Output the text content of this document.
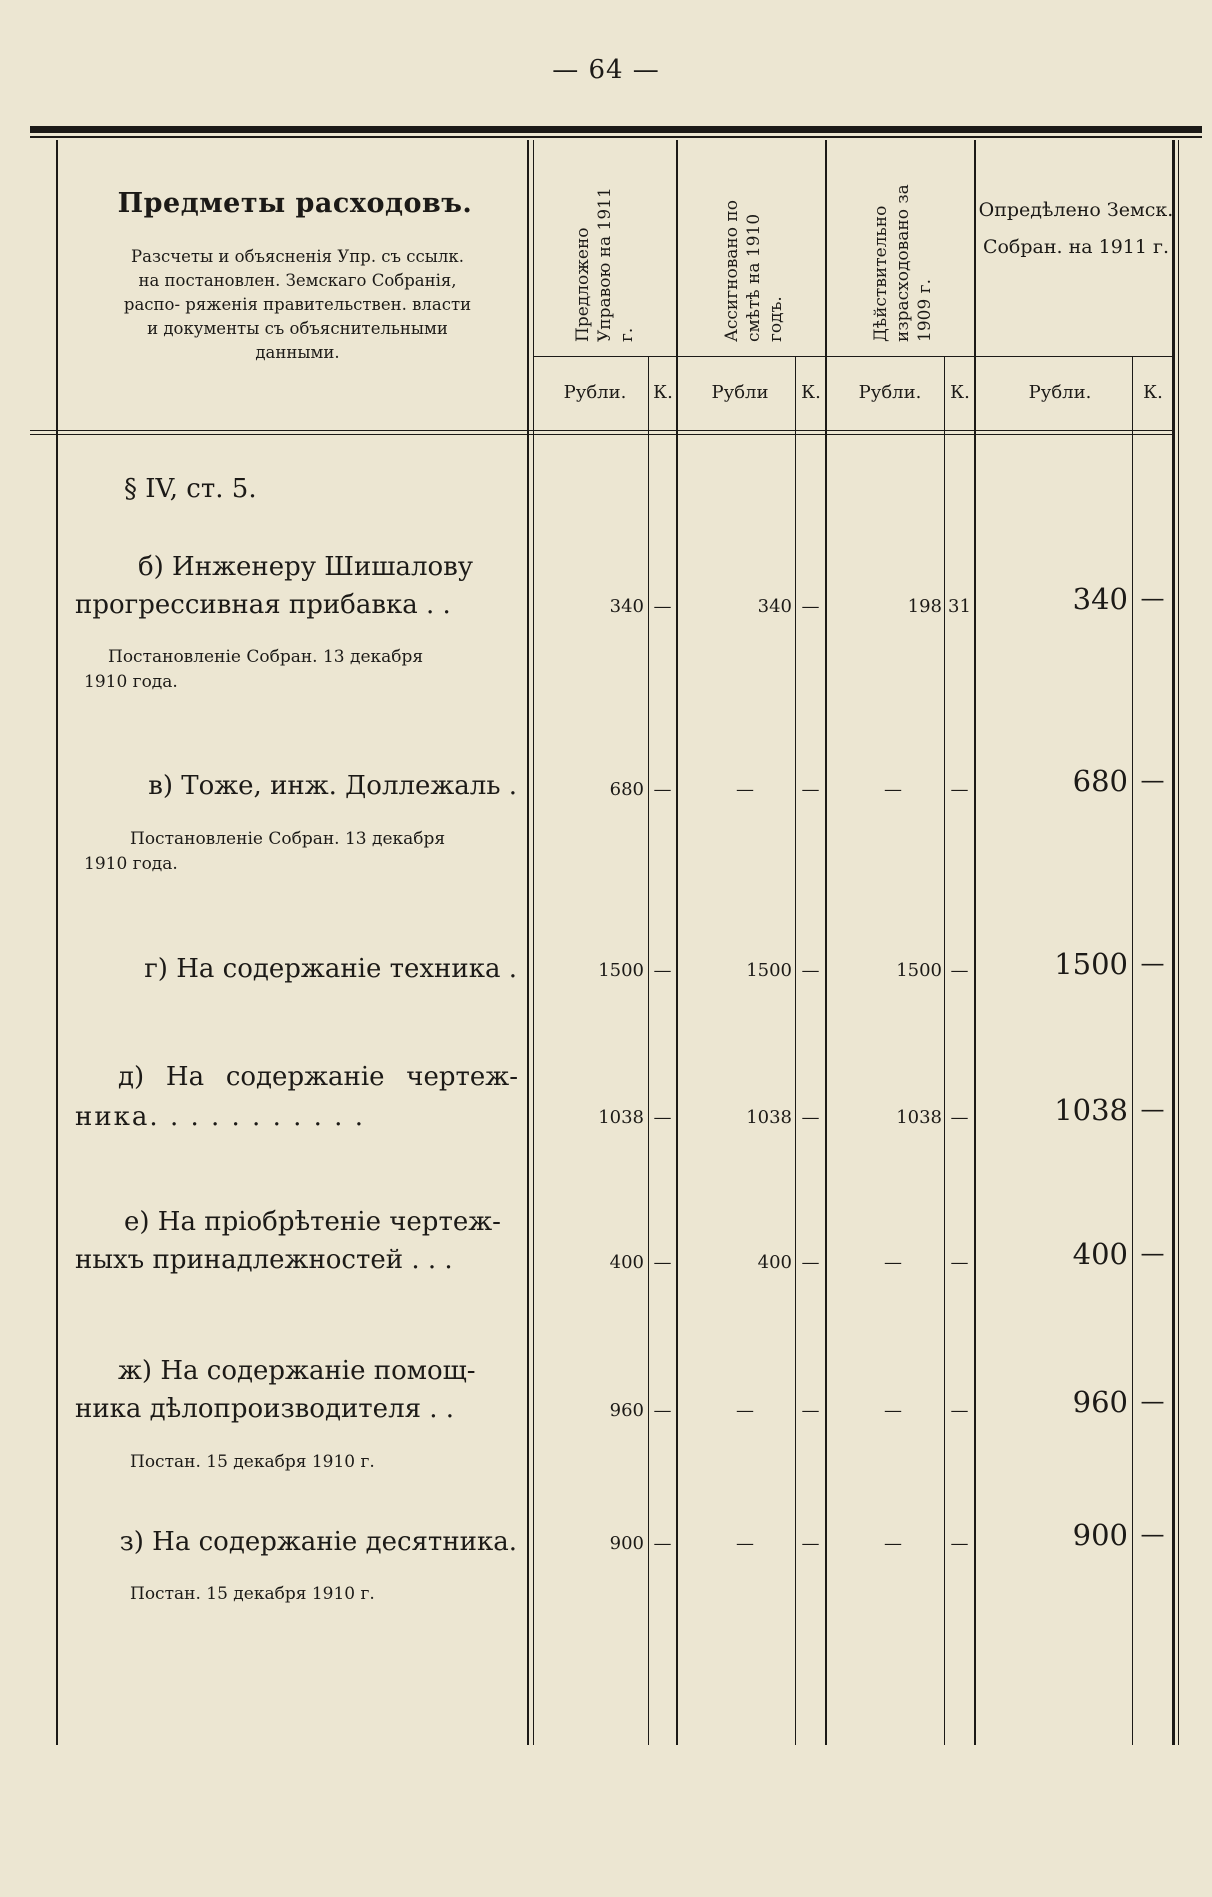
— 64 —
Предметы расходовъ.
Разсчеты и объясненія Упр. съ ссылк. на постановлен. Земскаго Собранія, распо- ряженія правительствен. власти и документы съ объяснительными данными.
Предложено Управою на 1911 г.	Ассигновано по смѣтѣ на 1910 годъ.	Дѣйствительно израсходовано за 1909 г.
Опредѣлено Земск. Собран. на 1911 г.
Рубли.	К.	Рубли	К.	Рубли.	К.	Рубли.	К.
§ IV, ст. 5.
б) Инженеру Шишалову
прогрессивная прибавка . .
Постановленіе Собран. 13 декабря
1910 года.
340 —	340 —	198 31	340 —
в) Тоже, инж. Доллежаль .
Постановленіе Собран. 13 декабря
1910 года.
680 —	—	—	—	—	680 —
г) На содержаніе техника .	1500 —	1500 —	1500 —	1500 —
д) На содержаніе чертеж-
ника. . . . . . . . . . .	1038 —	1038 —	1038 —	1038 —
е) На пріобрѣтеніе чертеж-
ныхъ принадлежностей . . .	400 —	400 —	—	—	400 —
ж) На содержаніе помощ-
ника дѣлопроизводителя . .
Постан. 15 декабря 1910 г.
960 —	—	—	—	—	960 —
з) На содержаніе десятника.
Постан. 15 декабря 1910 г.
900 —	—	—	—	—	900 —
